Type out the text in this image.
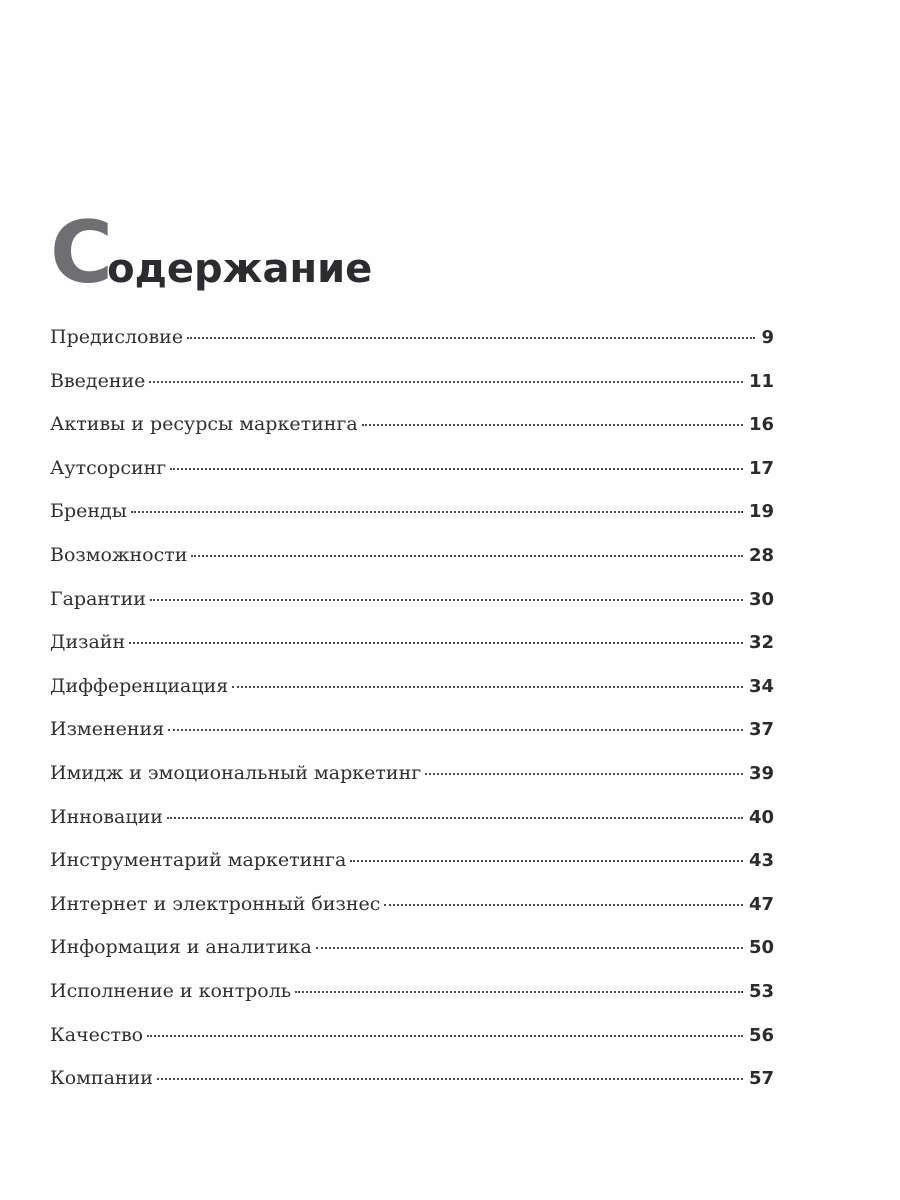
Содержание
Предисловие	9
Введение	11
Активы и ресурсы маркетинга	16
Аутсорсинг	17
Бренды	19
Возможности	28
Гарантии	30
Дизайн	32
Дифференциация	34
Изменения	37
Имидж и эмоциональный маркетинг	39
Инновации	40
Инструментарий маркетинга	43
Интернет и электронный бизнес	47
Информация и аналитика	50
Исполнение и контроль	53
Качество	56
Компании	57
